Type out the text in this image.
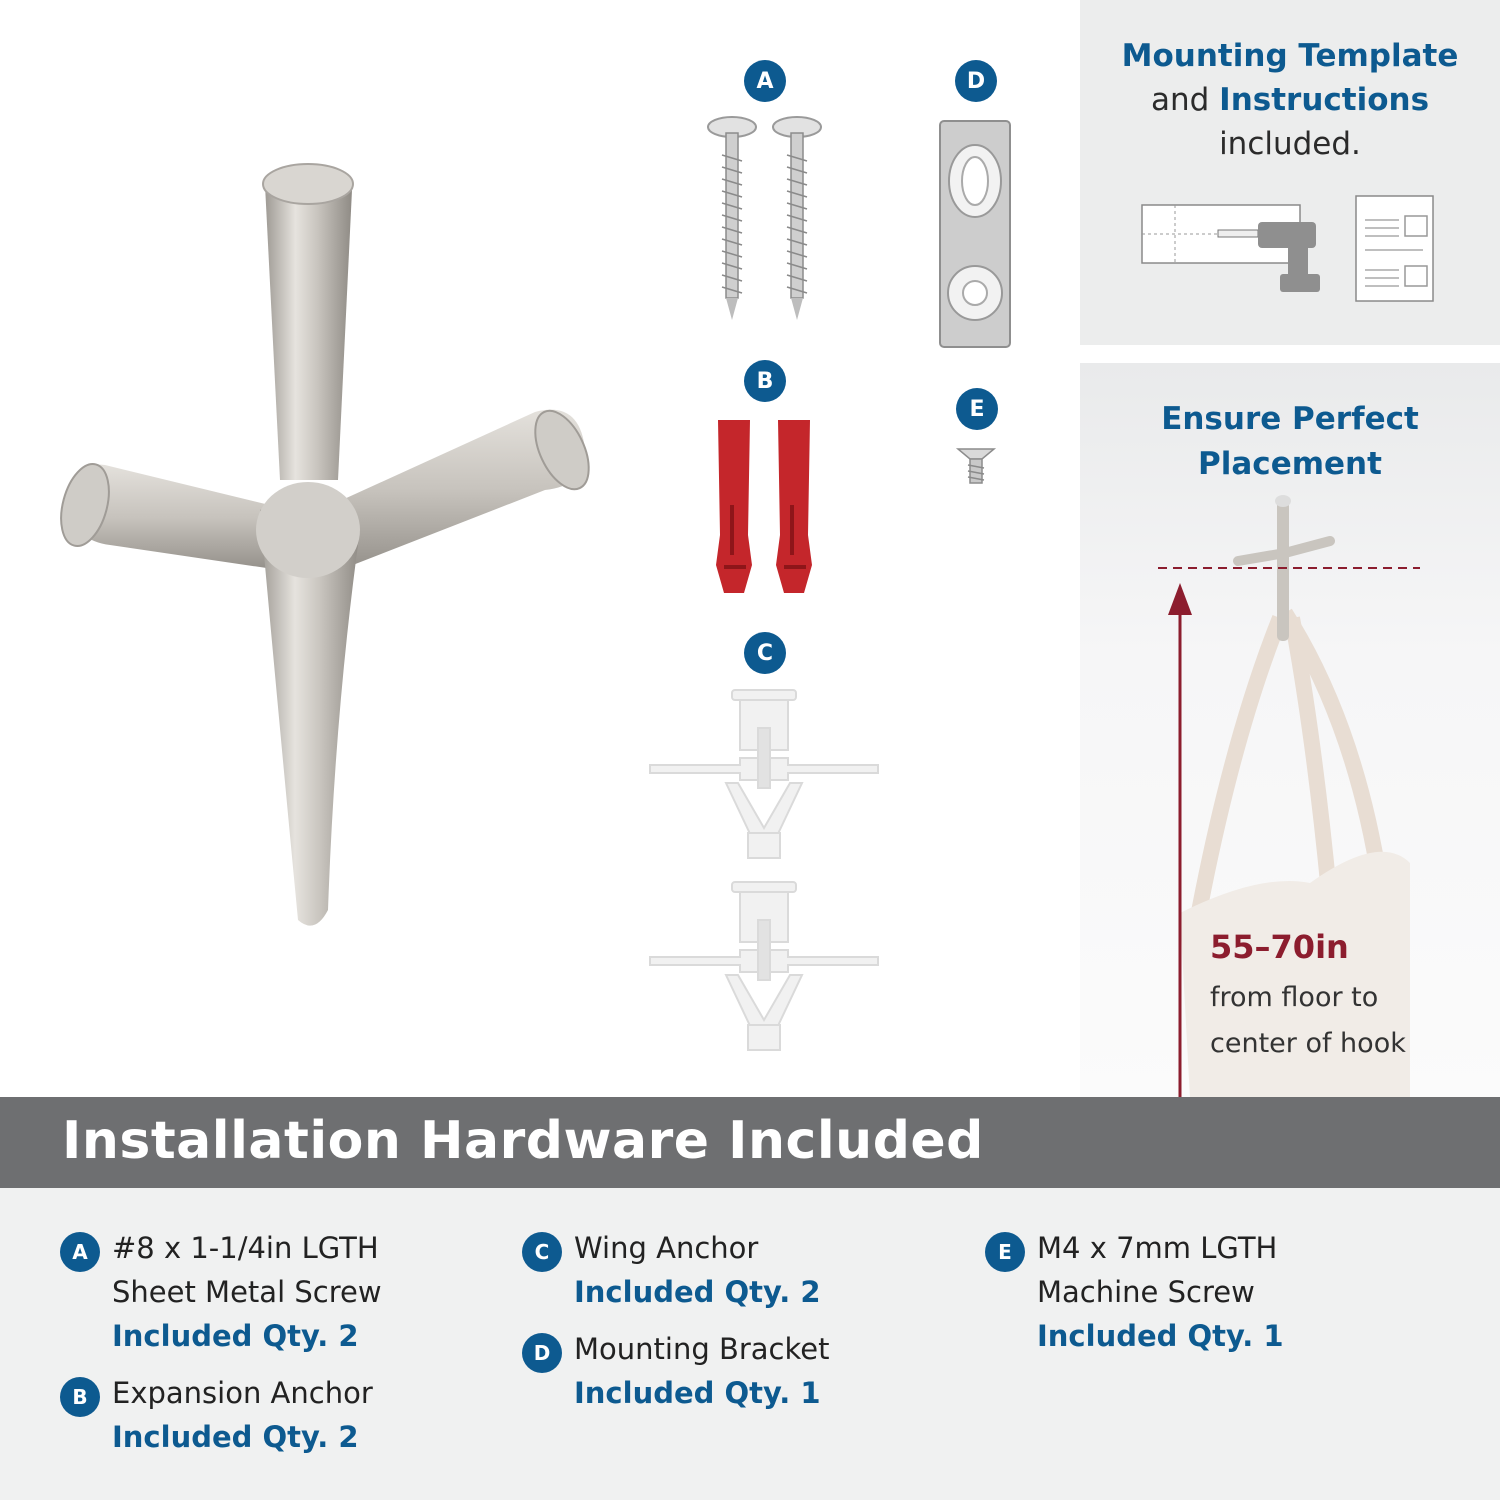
A
B
C
D
E
Mounting Template
and Instructions
included.
Ensure Perfect
Placement
55–70in
from floor to
center of hook
Installation Hardware Included
A #8 x 1-1/4in LGTH
Sheet Metal Screw
Included Qty. 2
B Expansion Anchor
Included Qty. 2
C Wing Anchor
Included Qty. 2
D Mounting Bracket
Included Qty. 1
E M4 x 7mm LGTH
Machine Screw
Included Qty. 1
